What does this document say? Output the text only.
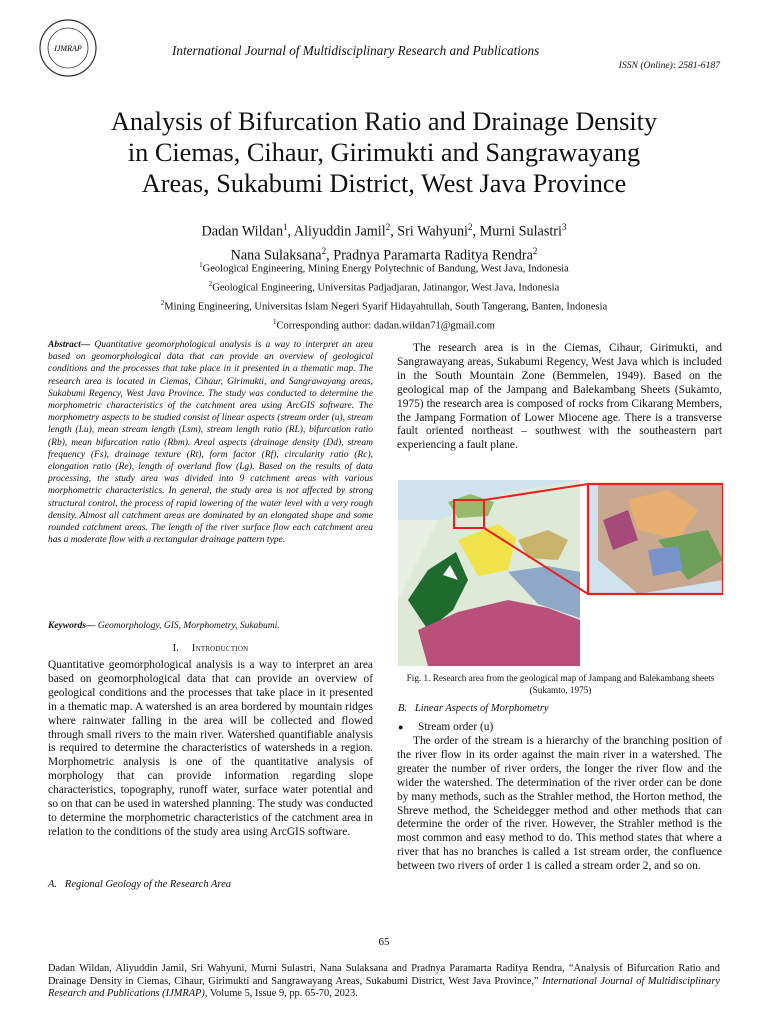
IJMRAP	International Journal of Multidisciplinary Research and Publications
ISSN (Online): 2581-6187
Analysis of Bifurcation Ratio and Drainage Density
in Ciemas, Cihaur, Girimukti and Sangrawayang
Areas, Sukabumi District, West Java Province
Dadan Wildan$^1$, Aliyuddin Jamil$^2$, Sri Wahyuni$^2$, Murni Sulastri$^3$
Nana Sulaksana$^2$, Pradnya Paramarta Raditya Rendra$^2$
$^1$Geological Engineering, Mining Energy Polytechnic of Bandung, West Java, Indonesia
$^2$Geological Engineering, Universitas Padjadjaran, Jatinangor, West Java, Indonesia
$^2$Mining Engineering, Universitas Islam Negeri Syarif Hidayahtullah, South Tangerang, Banten, Indonesia
$^1$Corresponding author: dadan.wildan71@gmail.com
Abstract— Quantitative geomorphological analysis is a way to interpret an area based on geomorphological data that can provide an overview of geological conditions and the processes that take place in it presented in a thematic map. The research area is located in Ciemas, Cihaur, Girimukti, and Sangrawayang areas, Sukabumi Regency, West Java Province. The study was conducted to determine the morphometric characteristics of the catchment area using ArcGIS software. The morphometry aspects to be studied consist of linear aspects (stream order (u), stream length (Lu), mean stream length (Lsm), stream length ratio (RL), bifurcation ratio (Rb), mean bifurcation ratio (Rbm). Areal aspects (drainage density (Dd), stream frequency (Fs), drainage texture (Rt), form factor (Rf), circularity ratio (Rc), elongation ratio (Re), length of overland flow (Lg). Based on the results of data processing, the study area was divided into 9 catchment areas with various morphometric characteristics. In general, the study area is not affected by strong structural control, the process of rapid lowering of the water level with a very rough density. Almost all catchment areas are dominated by an elongated shape and some rounded catchment areas. The length of the river surface flow each catchment area has a moderate flow with a rectangular drainage pattern type.
Keywords— Geomorphology, GIS, Morphometry, Sukabumi.
I. Introduction
Quantitative geomorphological analysis is a way to interpret an area based on geomorphological data that can provide an overview of geological conditions and the processes that take place in it presented in a thematic map. A watershed is an area bordered by mountain ridges where rainwater falling in the area will be collected and flowed through small rivers to the main river. Watershed quantifiable analysis is required to determine the characteristics of watersheds in a region. Morphometric analysis is one of the quantitative analysis of morphology that can provide information regarding slope characteristics, topography, runoff water, surface water potential and so on that can be used in watershed planning. The study was conducted to determine the morphometric characteristics of the catchment area in relation to the conditions of the study area using ArcGIS software.
A.   Regional Geology of the Research Area
The research area is in the Ciemas, Cihaur, Girimukti, and Sangrawayang areas, Sukabumi Regency, West Java which is included in the South Mountain Zone (Bemmelen, 1949). Based on the geological map of the Jampang and Balekambang Sheets (Sukamto, 1975) the research area is composed of rocks from Cikarang Members, the Jampang Formation of Lower Miocene age. There is a transverse fault oriented northeast – southwest with the southeastern part experiencing a fault plane.
Fig. 1. Research area from the geological map of Jampang and Balekambang sheets (Sukamto, 1975)
B.   Linear Aspects of Morphometry
● Stream order (u)
The order of the stream is a hierarchy of the branching position of the river flow in its order against the main river in a watershed. The greater the number of river orders, the longer the river flow and the wider the watershed. The determination of the river order can be done by many methods, such as the Strahler method, the Horton method, the Shreve method, the Scheidegger method and other methods that can determine the order of the river. However, the Strahler method is the most common and easy method to do. This method states that where a river that has no branches is called a 1st stream order, the confluence between two rivers of order 1 is called a stream order 2, and so on.
65
Dadan Wildan, Aliyuddin Jamil, Sri Wahyuni, Murni Sulastri, Nana Sulaksana and Pradnya Paramarta Raditya Rendra, “Analysis of Bifurcation Ratio and Drainage Density in Ciemas, Cihaur, Girimukti and Sangrawayang Areas, Sukabumi District, West Java Province,” International Journal of Multidisciplinary Research and Publications (IJMRAP), Volume 5, Issue 9, pp. 65-70, 2023.
